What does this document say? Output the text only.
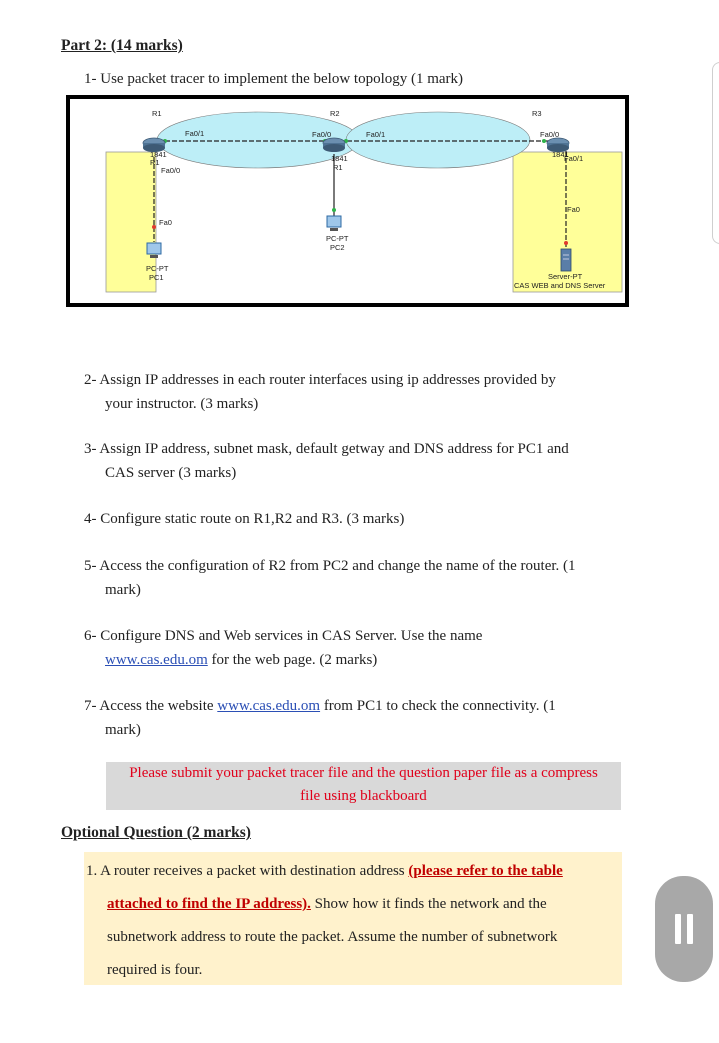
Part 2: (14 marks)
1- Use packet tracer to implement the below topology (1 mark)
R1	R2	R3
Fa0/1	Fa0/0	Fa0/1	Fa0/0
1841
R1
Fa0/0
Fa0
PC-PT
PC1
1841
R1
PC-PT
PC2
1841
Fa0/1
Fa0
Server-PT
CAS WEB and DNS Server
2- Assign IP addresses in each router interfaces using ip addresses provided by
your instructor. (3 marks)
3- Assign IP address, subnet mask, default getway and DNS address for PC1 and
CAS server (3 marks)
4- Configure static route on R1,R2 and R3. (3 marks)
5- Access the configuration of R2 from PC2 and change the name of the router. (1
mark)
6- Configure DNS and Web services in CAS Server. Use the name
www.cas.edu.om for the web page. (2 marks)
7- Access the website www.cas.edu.om from PC1 to check the connectivity. (1
mark)
Please submit your packet tracer file and the question paper file as a compress
file using blackboard
Optional Question (2 marks)
1. A router receives a packet with destination address (please refer to the table
attached to find the IP address). Show how it finds the network and the
subnetwork address to route the packet. Assume the number of subnetwork
required is four.
